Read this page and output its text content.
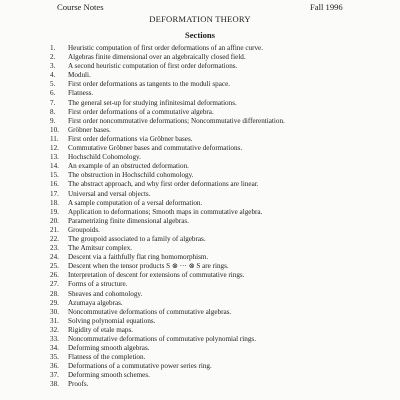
Course Notes	Fall 1996
DEFORMATION THEORY
Sections
1.	Heuristic computation of first order deformations of an affine curve.
2.	Algebras finite dimensional over an algebraically closed field.
3.	A second heuristic computation of first order deformations.
4.	Moduli.
5.	First order deformations as tangents to the moduli space.
6.	Flatness.
7.	The general set-up for studying infinitesimal deformations.
8.	First order deformations of a commutative algebra.
9.	First order noncommutative deformations; Noncommutative differentiation.
10.	Gröbner bases.
11.	First order deformations via Gröbner bases.
12.	Commutative Gröbner bases and commutative deformations.
13.	Hochschild Cohomology.
14.	An example of an obstructed deformation.
15.	The obstruction in Hochschild cohomology.
16.	The abstract approach, and why first order deformations are linear.
17.	Universal and versal objects.
18.	A sample computation of a versal deformation.
19.	Application to deformations; Smooth maps in commutative algebra.
20.	Parametrizing finite dimensional algebras.
21.	Groupoids.
22.	The groupoid associated to a family of algebras.
23.	The Amitsur complex.
24.	Descent via a faithfully flat ring homomorphism.
25.	Descent when the tensor products S ⊗ ··· ⊗ S are rings.
26.	Interpretation of descent for extensions of commutative rings.
27.	Forms of a structure.
28.	Sheaves and cohomology.
29.	Azumaya algebras.
30.	Noncommutative deformations of commutative algebras.
31.	Solving polynomial equations.
32.	Rigidity of etale maps.
33.	Noncommutative deformations of commutative polynomial rings.
34.	Deforming smooth algebras.
35.	Flatness of the completion.
36.	Deformations of a commutative power series ring.
37.	Deforming smooth schemes.
38.	Proofs.
